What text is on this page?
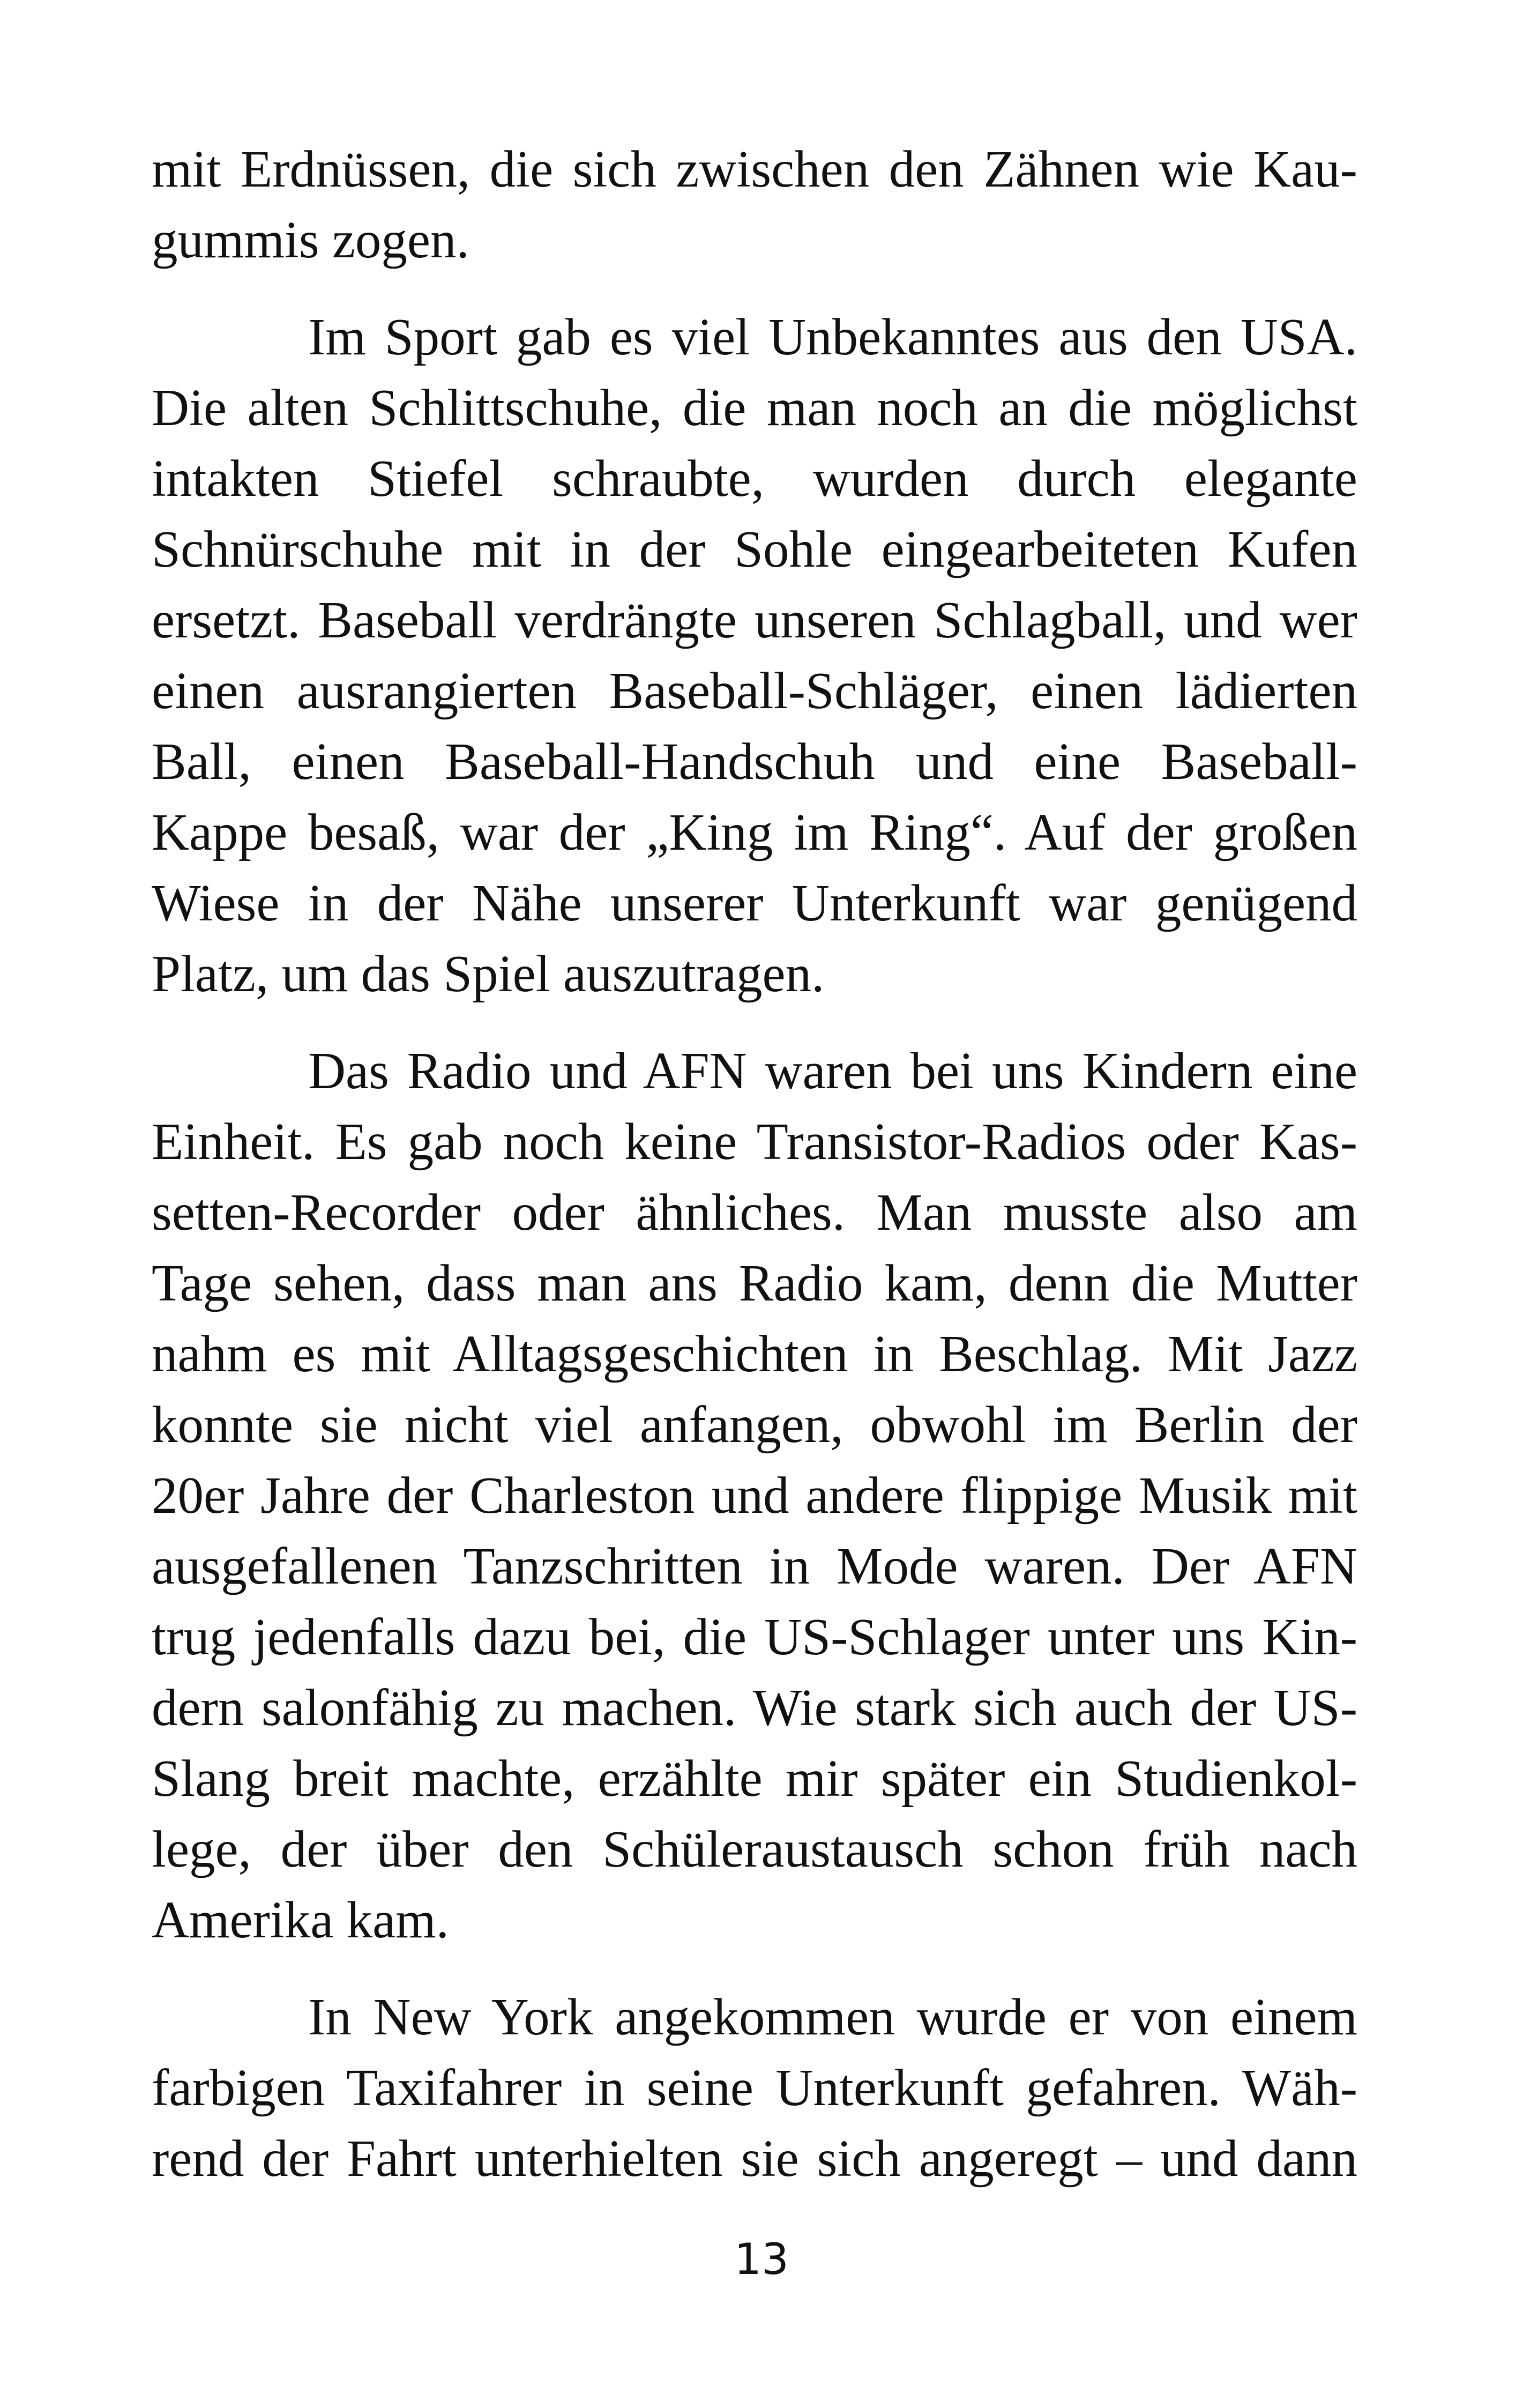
mit Erdnüssen, die sich zwischen den Zähnen wie Kau-
gummis zogen.

Im Sport gab es viel Unbekanntes aus den USA.
Die alten Schlittschuhe, die man noch an die möglichst
intakten Stiefel schraubte, wurden durch elegante
Schnürschuhe mit in der Sohle eingearbeiteten Kufen
ersetzt. Baseball verdrängte unseren Schlagball, und wer
einen ausrangierten Baseball-Schläger, einen lädierten
Ball, einen Baseball-Handschuh und eine Baseball-
Kappe besaß, war der „King im Ring“. Auf der großen
Wiese in der Nähe unserer Unterkunft war genügend
Platz, um das Spiel auszutragen.

Das Radio und AFN waren bei uns Kindern eine
Einheit. Es gab noch keine Transistor-Radios oder Kas-
setten-Recorder oder ähnliches. Man musste also am
Tage sehen, dass man ans Radio kam, denn die Mutter
nahm es mit Alltagsgeschichten in Beschlag. Mit Jazz
konnte sie nicht viel anfangen, obwohl im Berlin der
20er Jahre der Charleston und andere flippige Musik mit
ausgefallenen Tanzschritten in Mode waren. Der AFN
trug jedenfalls dazu bei, die US-Schlager unter uns Kin-
dern salonfähig zu machen. Wie stark sich auch der US-
Slang breit machte, erzählte mir später ein Studienkol-
lege, der über den Schüleraustausch schon früh nach
Amerika kam.

In New York angekommen wurde er von einem
farbigen Taxifahrer in seine Unterkunft gefahren. Wäh-
rend der Fahrt unterhielten sie sich angeregt – und dann

13
